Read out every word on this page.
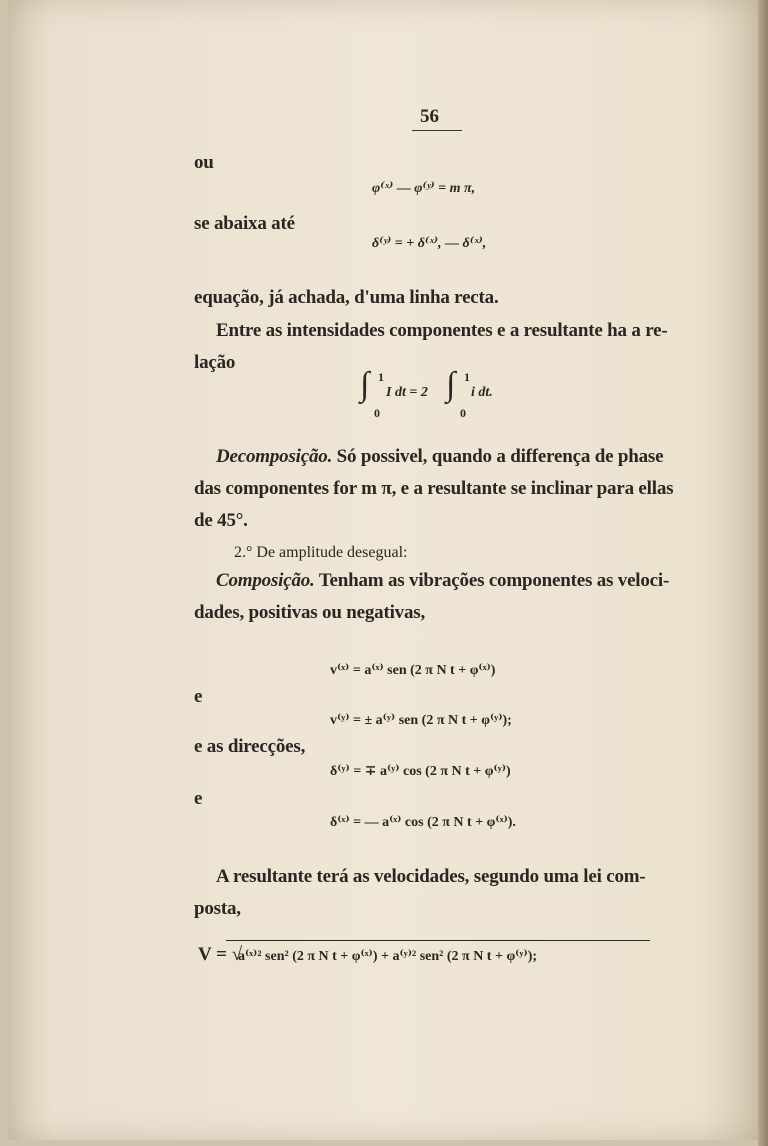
56
ou
φ⁽ˣ⁾ — φ⁽ʸ⁾ = m π,
se abaixa até
δ⁽ʸ⁾ = + δ⁽ˣ⁾, — δ⁽ˣ⁾,
equação, já achada, d'uma linha recta.
Entre as intensidades componentes e a resultante ha a re-
lação
∫ 1
0
I dt = 2 ∫ 1
0
i dt.
Decomposição. Só possivel, quando a differença de phase
das componentes for m π, e a resultante se inclinar para ellas
de 45°.
2.° De amplitude desegual:
Composição. Tenham as vibrações componentes as veloci-
dades, positivas ou negativas,
v⁽ˣ⁾ = a⁽ˣ⁾ sen (2 π N t + φ⁽ˣ⁾)
e
v⁽ʸ⁾ = ± a⁽ʸ⁾ sen (2 π N t + φ⁽ʸ⁾);
e as direcções,
δ⁽ʸ⁾ = ∓ a⁽ʸ⁾ cos (2 π N t + φ⁽ʸ⁾)
e
δ⁽ˣ⁾ = — a⁽ˣ⁾ cos (2 π N t + φ⁽ˣ⁾).
A resultante terá as velocidades, segundo uma lei com-
posta,
V = √
a⁽ˣ⁾² sen² (2 π N t + φ⁽ˣ⁾) + a⁽ʸ⁾² sen² (2 π N t + φ⁽ʸ⁾);
